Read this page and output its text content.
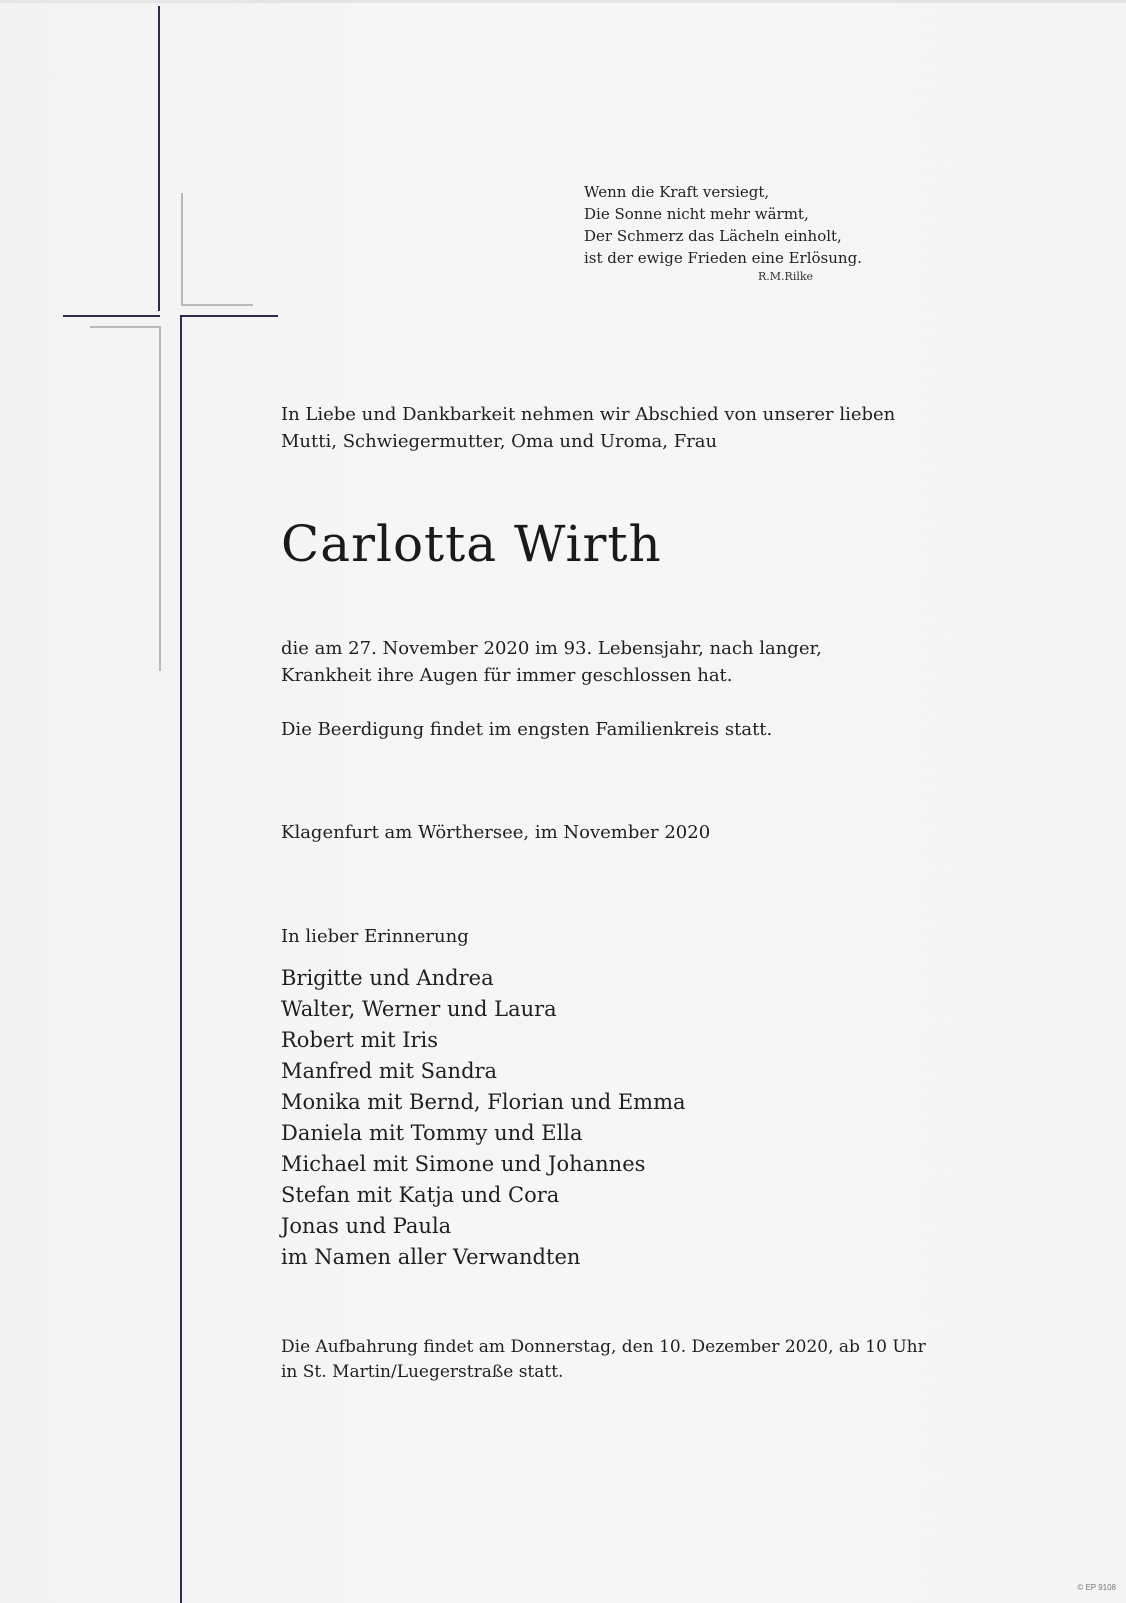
Wenn die Kraft versiegt,
Die Sonne nicht mehr wärmt,
Der Schmerz das Lächeln einholt,
ist der ewige Frieden eine Erlösung.
R.M.Rilke
In Liebe und Dankbarkeit nehmen wir Abschied von unserer lieben
Mutti, Schwiegermutter, Oma und Uroma, Frau
Carlotta Wirth
die am 27. November 2020 im 93. Lebensjahr, nach langer,
Krankheit ihre Augen für immer geschlossen hat.
Die Beerdigung findet im engsten Familienkreis statt.
Klagenfurt am Wörthersee, im November 2020
In lieber Erinnerung
Brigitte und Andrea
Walter, Werner und Laura
Robert mit Iris
Manfred mit Sandra
Monika mit Bernd, Florian und Emma
Daniela mit Tommy und Ella
Michael mit Simone und Johannes
Stefan mit Katja und Cora
Jonas und Paula
im Namen aller Verwandten
Die Aufbahrung findet am Donnerstag, den 10. Dezember 2020, ab 10 Uhr
in St. Martin/Luegerstraße statt.
© EP 9108
